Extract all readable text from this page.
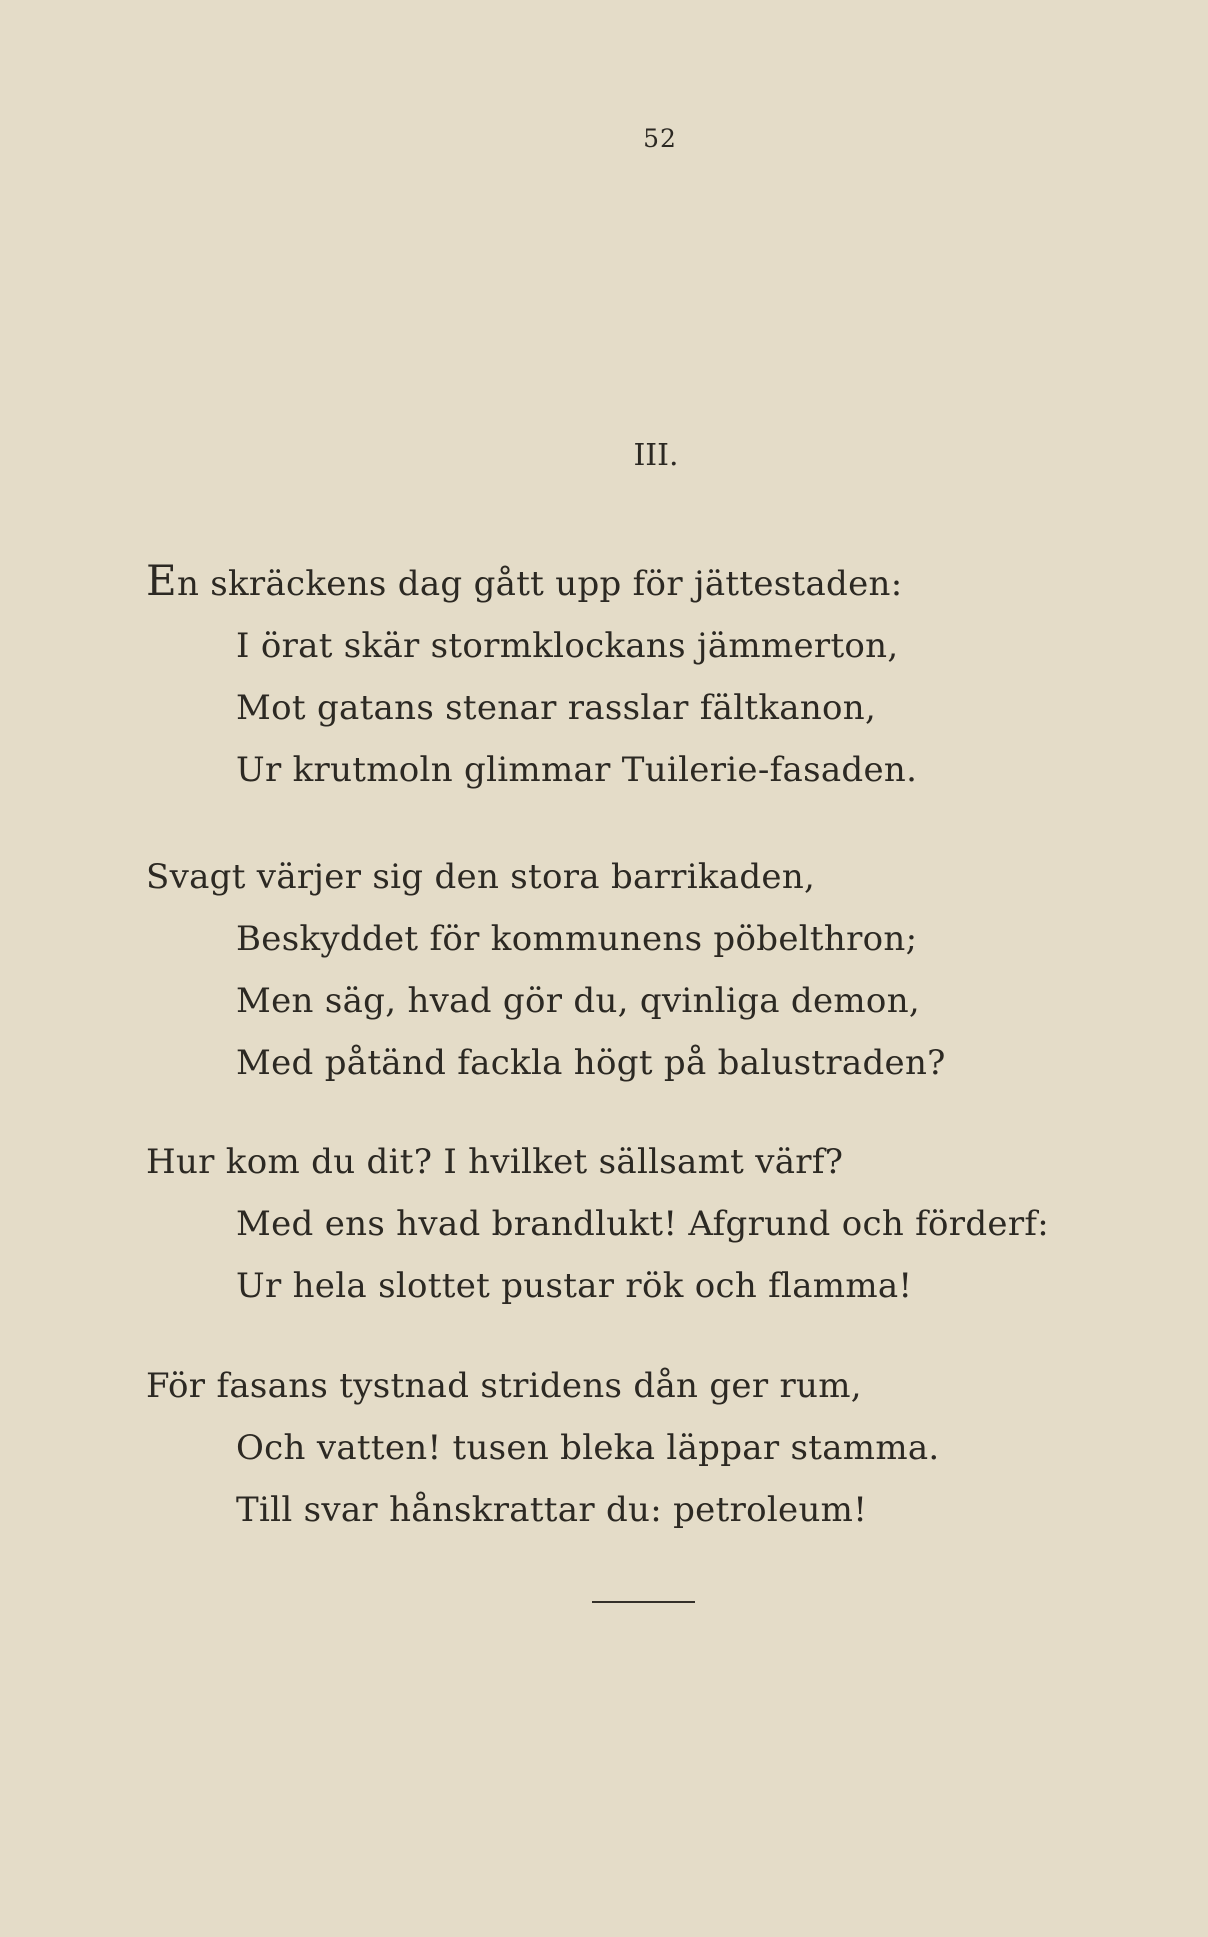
52
III.
En skräckens dag gått upp för jättestaden:
I örat skär stormklockans jämmerton,
Mot gatans stenar rasslar fältkanon,
Ur krutmoln glimmar Tuilerie-fasaden.
Svagt värjer sig den stora barrikaden,
Beskyddet för kommunens pöbelthron;
Men säg, hvad gör du, qvinliga demon,
Med påtänd fackla högt på balustraden?
Hur kom du dit? I hvilket sällsamt värf?
Med ens hvad brandlukt! Afgrund och förderf:
Ur hela slottet pustar rök och flamma!
För fasans tystnad stridens dån ger rum,
Och vatten! tusen bleka läppar stamma.
Till svar hånskrattar du: petroleum!
